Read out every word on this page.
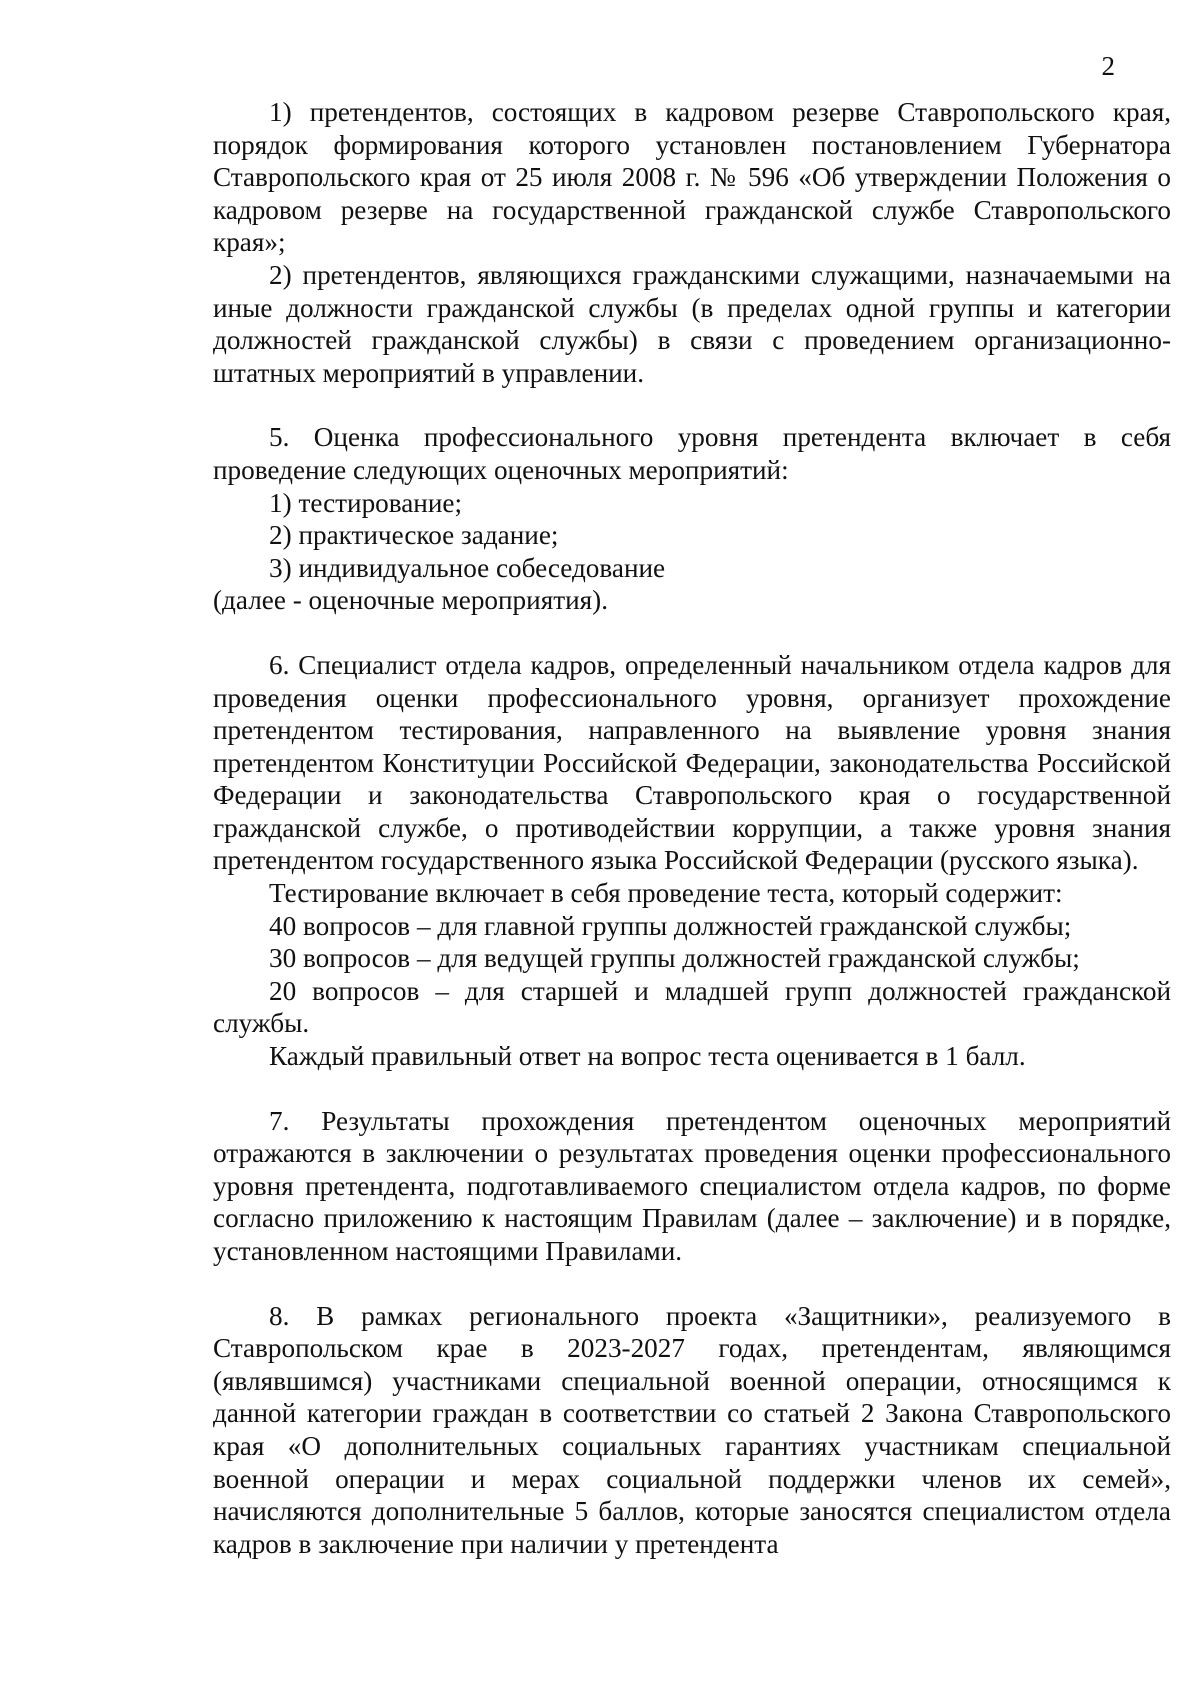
2

1) претендентов, состоящих в кадровом резерве Ставропольского края, порядок формирования которого установлен постановлением Губернатора Ставропольского края от 25 июля 2008 г. № 596 «Об утверждении Положения о кадровом резерве на государственной гражданской службе Ставропольского края»;

2) претендентов, являющихся гражданскими служащими, назначаемыми на иные должности гражданской службы (в пределах одной группы и категории должностей гражданской службы) в связи с проведением организационно-штатных мероприятий в управлении.

5. Оценка профессионального уровня претендента включает в себя проведение следующих оценочных мероприятий:

1) тестирование;

2) практическое задание;

3) индивидуальное собеседование

(далее - оценочные мероприятия).

6. Специалист отдела кадров, определенный начальником отдела кадров для проведения оценки профессионального уровня, организует прохождение претендентом тестирования, направленного на выявление уровня знания претендентом Конституции Российской Федерации, законодательства Российской Федерации и законодательства Ставропольского края о государственной гражданской службе, о противодействии коррупции, а также уровня знания претендентом государственного языка Российской Федерации (русского языка).

Тестирование включает в себя проведение теста, который содержит:

40 вопросов – для главной группы должностей гражданской службы;

30 вопросов – для ведущей группы должностей гражданской службы;

20 вопросов – для старшей и младшей групп должностей гражданской службы.

Каждый правильный ответ на вопрос теста оценивается в 1 балл.

7. Результаты прохождения претендентом оценочных мероприятий отражаются в заключении о результатах проведения оценки профессионального уровня претендента, подготавливаемого специалистом отдела кадров, по форме согласно приложению к настоящим Правилам (далее – заключение) и в порядке, установленном настоящими Правилами.

8. В рамках регионального проекта «Защитники», реализуемого в Ставропольском крае в 2023-2027 годах, претендентам, являющимся (являвшимся) участниками специальной военной операции, относящимся к данной категории граждан в соответствии со статьей 2 Закона Ставропольского края «О дополнительных социальных гарантиях участникам специальной военной операции и мерах социальной поддержки членов их семей», начисляются дополнительные 5 баллов, которые заносятся специалистом отдела кадров в заключение при наличии у претендента
